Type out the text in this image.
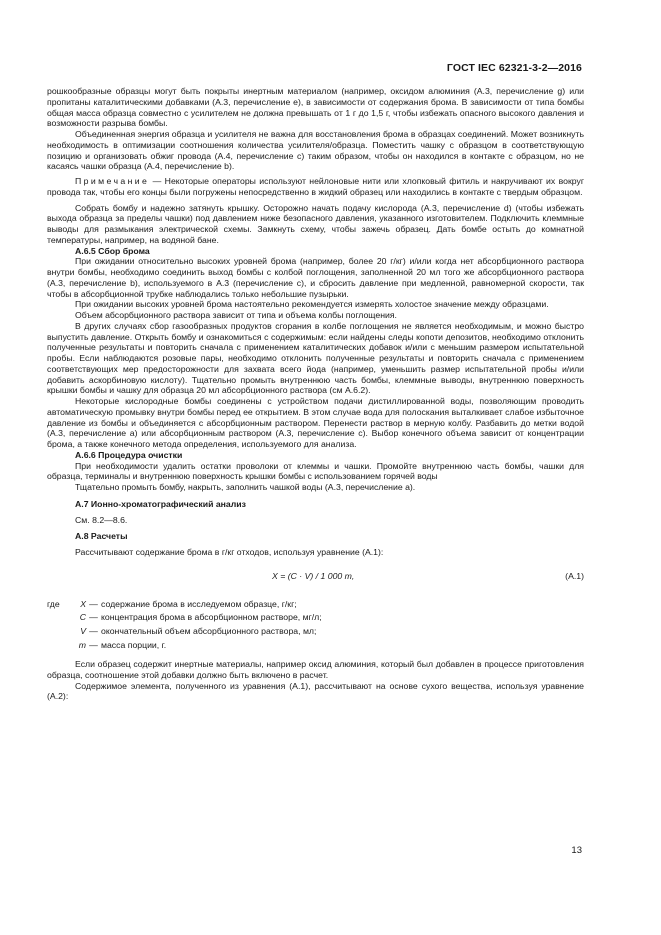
ГОСТ IEC 62321-3-2—2016

рошкообразные образцы могут быть покрыты инертным материалом (например, оксидом алюминия (А.3, перечисление g) или пропитаны каталитическими добавками (А.3, перечисление е), в зависимости от содержания брома. В зависимости от типа бомбы общая масса образца совместно с усилителем не должна превышать от 1 г до 1,5 г, чтобы избежать опасного высокого давления и возможности разрыва бомбы.

Объединенная энергия образца и усилителя не важна для восстановления брома в образцах соединений. Может возникнуть необходимость в оптимизации соотношения количества усилителя/образца. Поместить чашку с образцом в соответствующую позицию и организовать обжиг провода (А.4, перечисление с) таким образом, чтобы он находился в контакте с образцом, но не касаясь чашки образца (А.4, перечисление b).

Примечание — Некоторые операторы используют нейлоновые нити или хлопковый фитиль и накручивают их вокруг провода так, чтобы его концы были погружены непосредственно в жидкий образец или находились в контакте с твердым образцом.

Собрать бомбу и надежно затянуть крышку. Осторожно начать подачу кислорода (А.3, перечисление d) (чтобы избежать выхода образца за пределы чашки) под давлением ниже безопасного давления, указанного изготовителем. Подключить клеммные выводы для размыкания электрической схемы. Замкнуть схему, чтобы зажечь образец. Дать бомбе остыть до комнатной температуры, например, на водяной бане.

А.6.5 Сбор брома

При ожидании относительно высоких уровней брома (например, более 20 г/кг) и/или когда нет абсорбционного раствора внутри бомбы, необходимо соединить выход бомбы с колбой поглощения, заполненной 20 мл того же абсорбционного раствора (А.3, перечисление b), используемого в А.3 (перечисление с), и сбросить давление при медленной, равномерной скорости, так чтобы в абсорбционной трубке наблюдались только небольшие пузырьки.

При ожидании высоких уровней брома настоятельно рекомендуется измерять холостое значение между образцами.

Объем абсорбционного раствора зависит от типа и объема колбы поглощения.

В других случаях сбор газообразных продуктов сгорания в колбе поглощения не является необходимым, и можно быстро выпустить давление. Открыть бомбу и ознакомиться с содержимым: если найдены следы копоти депозитов, необходимо отклонить полученные результаты и повторить сначала с применением каталитических добавок и/или с меньшим размером испытательной пробы. Если наблюдаются розовые пары, необходимо отклонить полученные результаты и повторить сначала с применением соответствующих мер предосторожности для захвата всего йода (например, уменьшить размер испытательной пробы и/или добавить аскорбиновую кислоту). Тщательно промыть внутреннюю часть бомбы, клеммные выводы, внутреннюю поверхность крышки бомбы и чашку для образца 20 мл абсорбционного раствора (см А.6.2).

Некоторые кислородные бомбы соединены с устройством подачи дистиллированной воды, позволяющим проводить автоматическую промывку внутри бомбы перед ее открытием. В этом случае вода для полоскания выталкивает слабое избыточное давление из бомбы и объединяется с абсорбционным раствором. Перенести раствор в мерную колбу. Разбавить до метки водой (А.3, перечисление а) или абсорбционным раствором (А.3, перечисление с). Выбор конечного объема зависит от концентрации брома, а также конечного метода определения, используемого для анализа.

А.6.6 Процедура очистки

При необходимости удалить остатки проволоки от клеммы и чашки. Промойте внутреннюю часть бомбы, чашки для образца, терминалы и внутреннюю поверхность крышки бомбы с использованием горячей воды

Тщательно промыть бомбу, накрыть, заполнить чашкой воды (А.3, перечисление а).

А.7 Ионно-хроматографический анализ

См. 8.2—8.6.

А.8 Расчеты

Рассчитывают содержание брома в г/кг отходов, используя уравнение (А.1):

X = (C · V) / 1 000 m,	(А.1)
где	X — содержание брома в исследуемом образце, г/кг;
C — концентрация брома в абсорбционном растворе, мг/л;
V — окончательный объем абсорбционного раствора, мл;
m — масса порции, г.

Если образец содержит инертные материалы, например оксид алюминия, который был добавлен в процессе приготовления образца, соотношение этой добавки должно быть включено в расчет.

Содержимое элемента, полученного из уравнения (А.1), рассчитывают на основе сухого вещества, используя уравнение (А.2):

13
